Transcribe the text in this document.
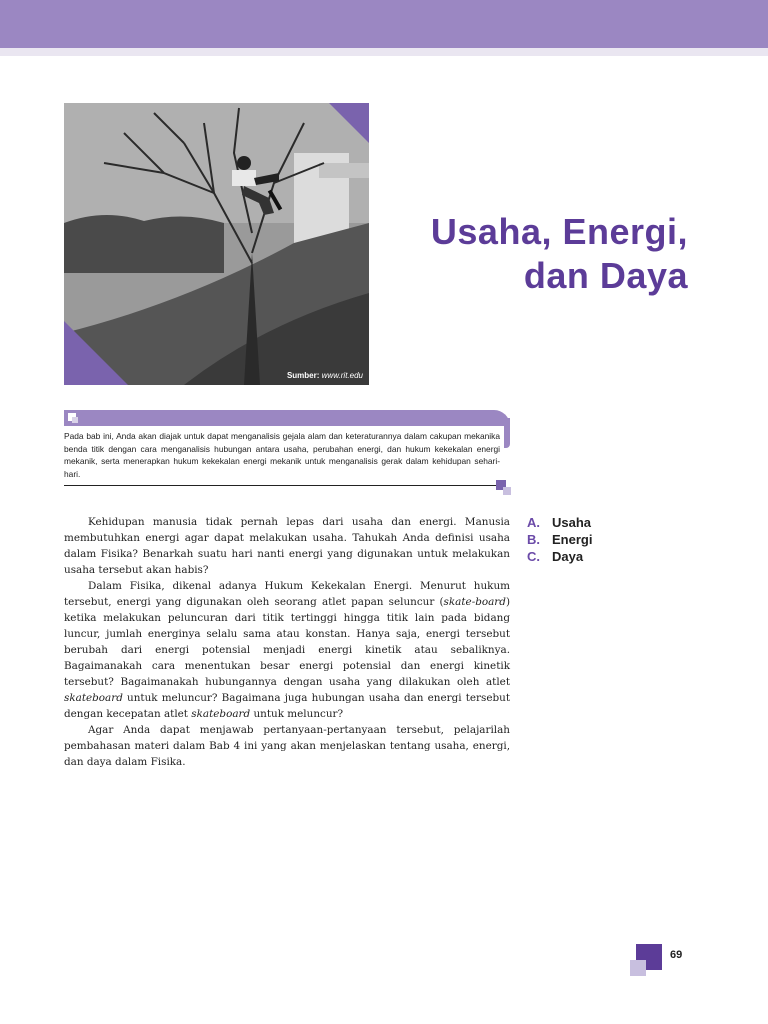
Sumber: www.rit.edu
Usaha, Energi,
dan Daya
Pada bab ini, Anda akan diajak untuk dapat menganalisis gejala alam dan keteraturannya dalam cakupan mekanika benda titik dengan cara menganalisis hubungan antara usaha, perubahan energi, dan hukum kekekalan energi mekanik, serta menerapkan hukum kekekalan energi mekanik untuk menganalisis gerak dalam kehidupan sehari-hari.

Kehidupan manusia tidak pernah lepas dari usaha dan energi. Manusia membutuhkan energi agar dapat melakukan usaha. Tahukah Anda definisi usaha dalam Fisika? Benarkah suatu hari nanti energi yang digunakan untuk melakukan usaha tersebut akan habis?

Dalam Fisika, dikenal adanya Hukum Kekekalan Energi. Menurut hukum tersebut, energi yang digunakan oleh seorang atlet papan seluncur (skate-board) ketika melakukan peluncuran dari titik tertinggi hingga titik lain pada bidang luncur, jumlah energinya selalu sama atau konstan. Hanya saja, energi tersebut berubah dari energi potensial menjadi energi kinetik atau sebaliknya. Bagaimanakah cara menentukan besar energi potensial dan energi kinetik tersebut? Bagaimanakah hubungannya dengan usaha yang dilakukan oleh atlet skateboard untuk meluncur? Bagaimana juga hubungan usaha dan energi tersebut dengan kecepatan atlet skateboard untuk meluncur?

Agar Anda dapat menjawab pertanyaan-pertanyaan tersebut, pelajarilah pembahasan materi dalam Bab 4 ini yang akan menjelaskan tentang usaha, energi, dan daya dalam Fisika.

A. Usaha
B. Energi
C. Daya
69
